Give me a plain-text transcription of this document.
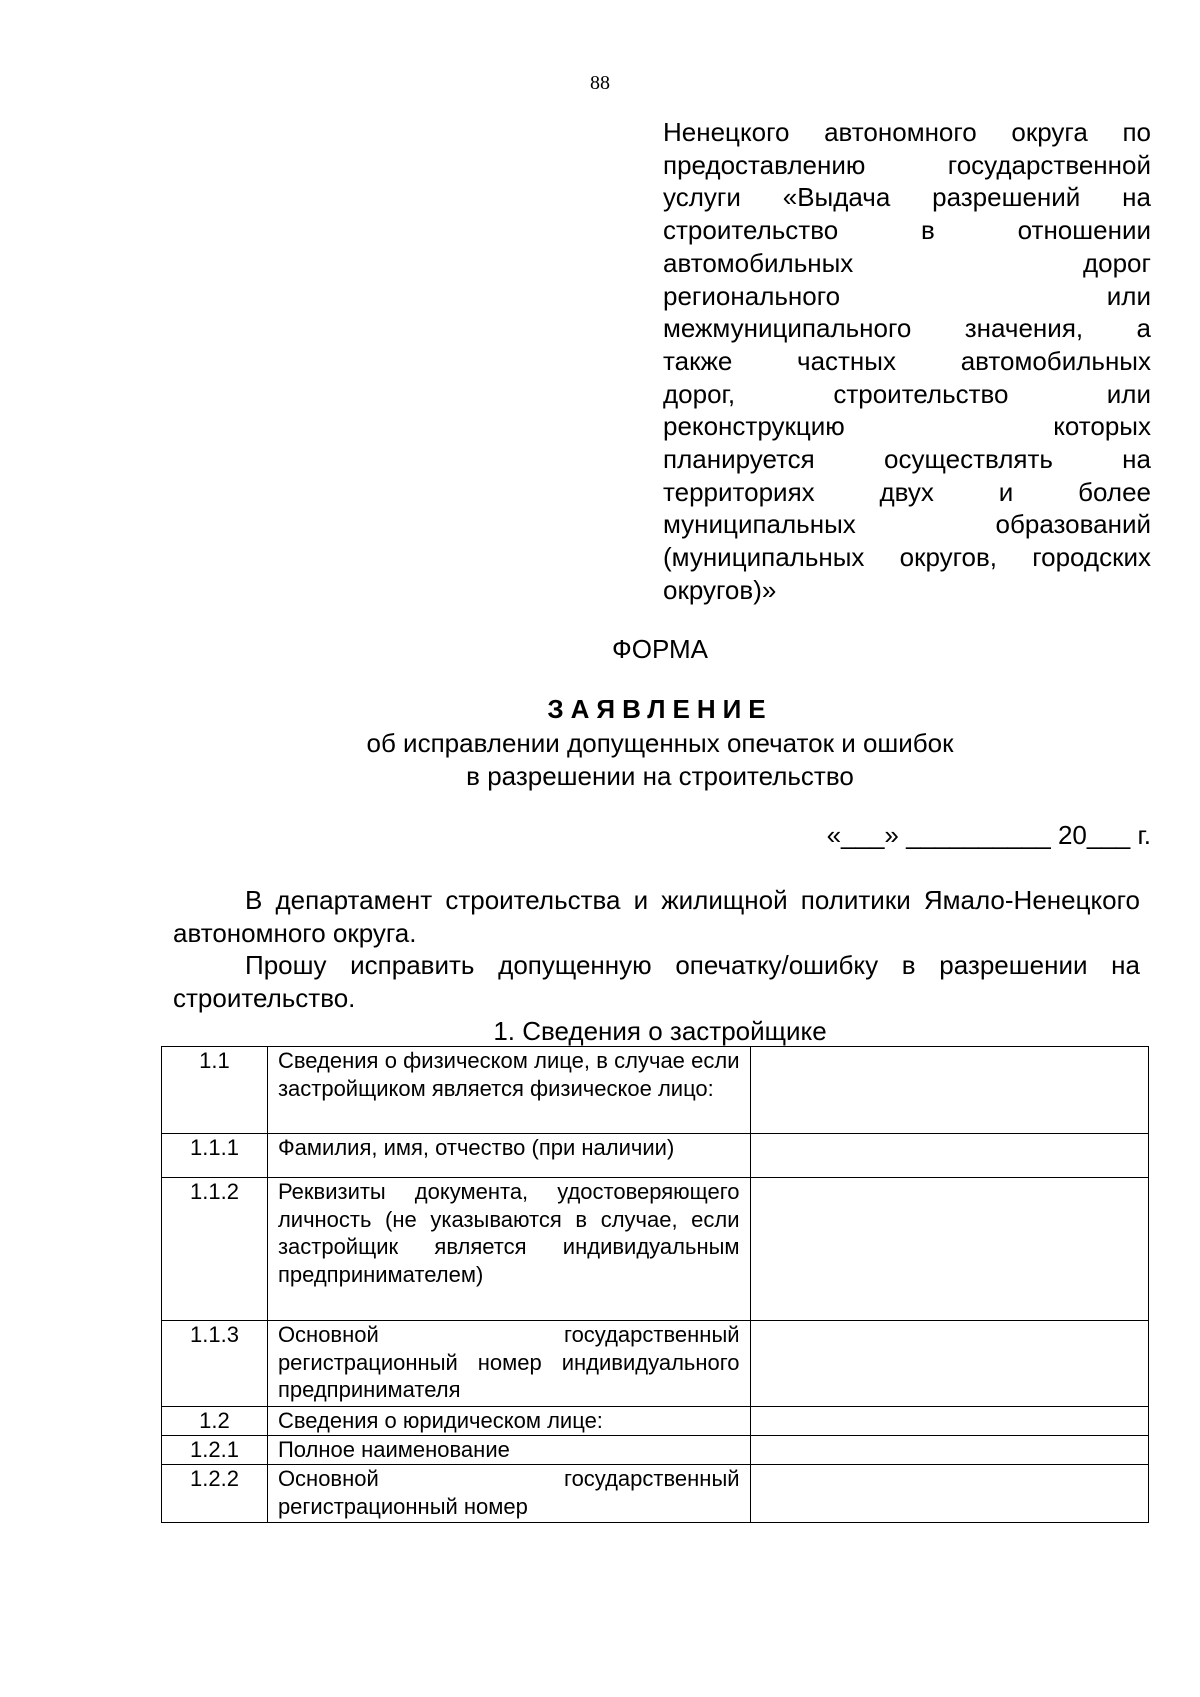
88
Ненецкого автономного округа по
предоставлению государственной
услуги «Выдача разрешений на
строительство в отношении
автомобильных дорог
регионального или
межмуниципального значения, а
также частных автомобильных
дорог, строительство или
реконструкцию которых
планируется осуществлять на
территориях двух и более
муниципальных образований
(муниципальных округов, городских
округов)»
ФОРМА
ЗАЯВЛЕНИЕ
об исправлении допущенных опечаток и ошибок
в разрешении на строительство
«___» __________ 20___ г.

В департамент строительства и жилищной политики Ямало-Ненецкого автономного округа.

Прошу исправить допущенную опечатку/ошибку в разрешении на строительство.

1. Сведения о застройщике
1.1	Сведения о физическом лице, в случае если застройщиком является физическое лицо:	
1.1.1	Фамилия, имя, отчество (при наличии)	
1.1.2	Реквизиты документа, удостоверяющего личность (не указываются в случае, если застройщик является индивидуальным предпринимателем)	
1.1.3	Основной государственный регистрационный номер индивидуального предпринимателя	
1.2	Сведения о юридическом лице:	
1.2.1	Полное наименование	
1.2.2	Основной государственный регистрационный номер	
